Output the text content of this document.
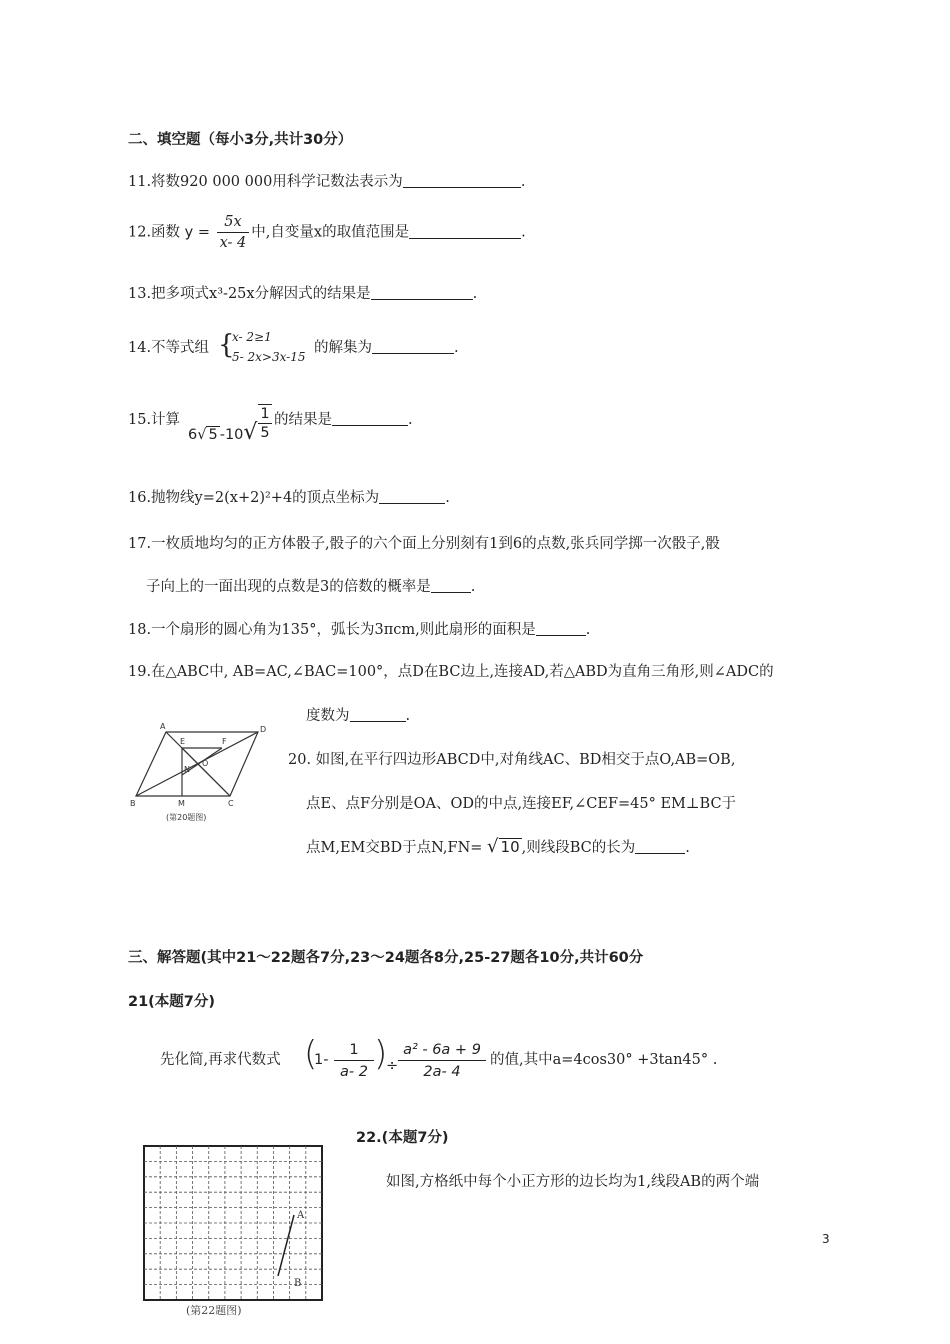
二、填空题（每小3分,共计30分）
11.将数920 000 000用科学记数法表示为	.
12.函数 $y = \frac{5x}{x- 4}$ 中,自变量x的取值范围是	.
13.把多项式x³-25x分解因式的结果是	.
14.不等式组 {
x- 2≥1
5- 2x>3x-15
的解集为	.
15.计算
6√ 5 $-10√ \frac{1}{5}$ 的结果是	.
16.抛物线y=2(x+2)²+4的顶点坐标为	.
17.一枚质地均匀的正方体骰子,骰子的六个面上分别刻有1到6的点数,张兵同学掷一次骰子,骰
子向上的一面出现的点数是3的倍数的概率是	.
18.一个扇形的圆心角为135°，弧长为3πcm,则此扇形的面积是	.
19.在△ABC中, AB=AC,∠BAC=100°，点D在BC边上,连接AD,若△ABD为直角三角形,则∠ADC的
度数为	.
A
B	C
D
E	F
M
N
O
(第20题图)
20. 如图,在平行四边形ABCD中,对角线AC、BD相交于点O,AB=OB,
点E、点F分别是OA、OD的中点,连接EF,∠CEF=45° EM⊥BC于
点M,EM交BD于点N,FN= √ 10 ,则线段BC的长为	.
三、解答题(其中21～22题各7分,23～24题各8分,25-27题各10分,共计60分
21(本题7分)
先化简,再求代数式 (
$1- \frac{1}{a- 2}$ )
÷ $\frac{\text{a² - 6a + 9}}{2a- 4}$ 的值,其中a=4cos30° +3tan45° .
22.(本题7分)
如图,方格纸中每个小正方形的边长均为1,线段AB的两个端
A
B
(第22题图)
3
